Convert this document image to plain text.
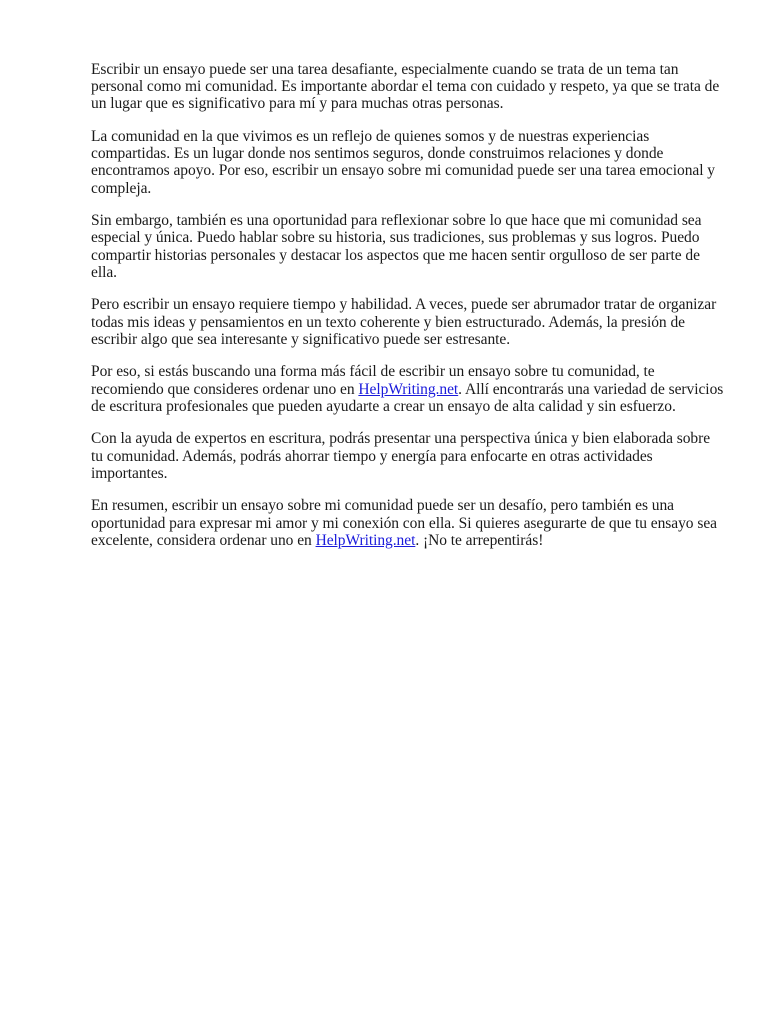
Escribir un ensayo puede ser una tarea desafiante, especialmente cuando se trata de un tema tan personal como mi comunidad. Es importante abordar el tema con cuidado y respeto, ya que se trata de un lugar que es significativo para mí y para muchas otras personas.

La comunidad en la que vivimos es un reflejo de quienes somos y de nuestras experiencias compartidas. Es un lugar donde nos sentimos seguros, donde construimos relaciones y donde encontramos apoyo. Por eso, escribir un ensayo sobre mi comunidad puede ser una tarea emocional y compleja.

Sin embargo, también es una oportunidad para reflexionar sobre lo que hace que mi comunidad sea especial y única. Puedo hablar sobre su historia, sus tradiciones, sus problemas y sus logros. Puedo compartir historias personales y destacar los aspectos que me hacen sentir orgulloso de ser parte de ella.

Pero escribir un ensayo requiere tiempo y habilidad. A veces, puede ser abrumador tratar de organizar todas mis ideas y pensamientos en un texto coherente y bien estructurado. Además, la presión de escribir algo que sea interesante y significativo puede ser estresante.

Por eso, si estás buscando una forma más fácil de escribir un ensayo sobre tu comunidad, te recomiendo que consideres ordenar uno en HelpWriting.net. Allí encontrarás una variedad de servicios de escritura profesionales que pueden ayudarte a crear un ensayo de alta calidad y sin esfuerzo.

Con la ayuda de expertos en escritura, podrás presentar una perspectiva única y bien elaborada sobre tu comunidad. Además, podrás ahorrar tiempo y energía para enfocarte en otras actividades importantes.

En resumen, escribir un ensayo sobre mi comunidad puede ser un desafío, pero también es una oportunidad para expresar mi amor y mi conexión con ella. Si quieres asegurarte de que tu ensayo sea excelente, considera ordenar uno en HelpWriting.net. ¡No te arrepentirás!
